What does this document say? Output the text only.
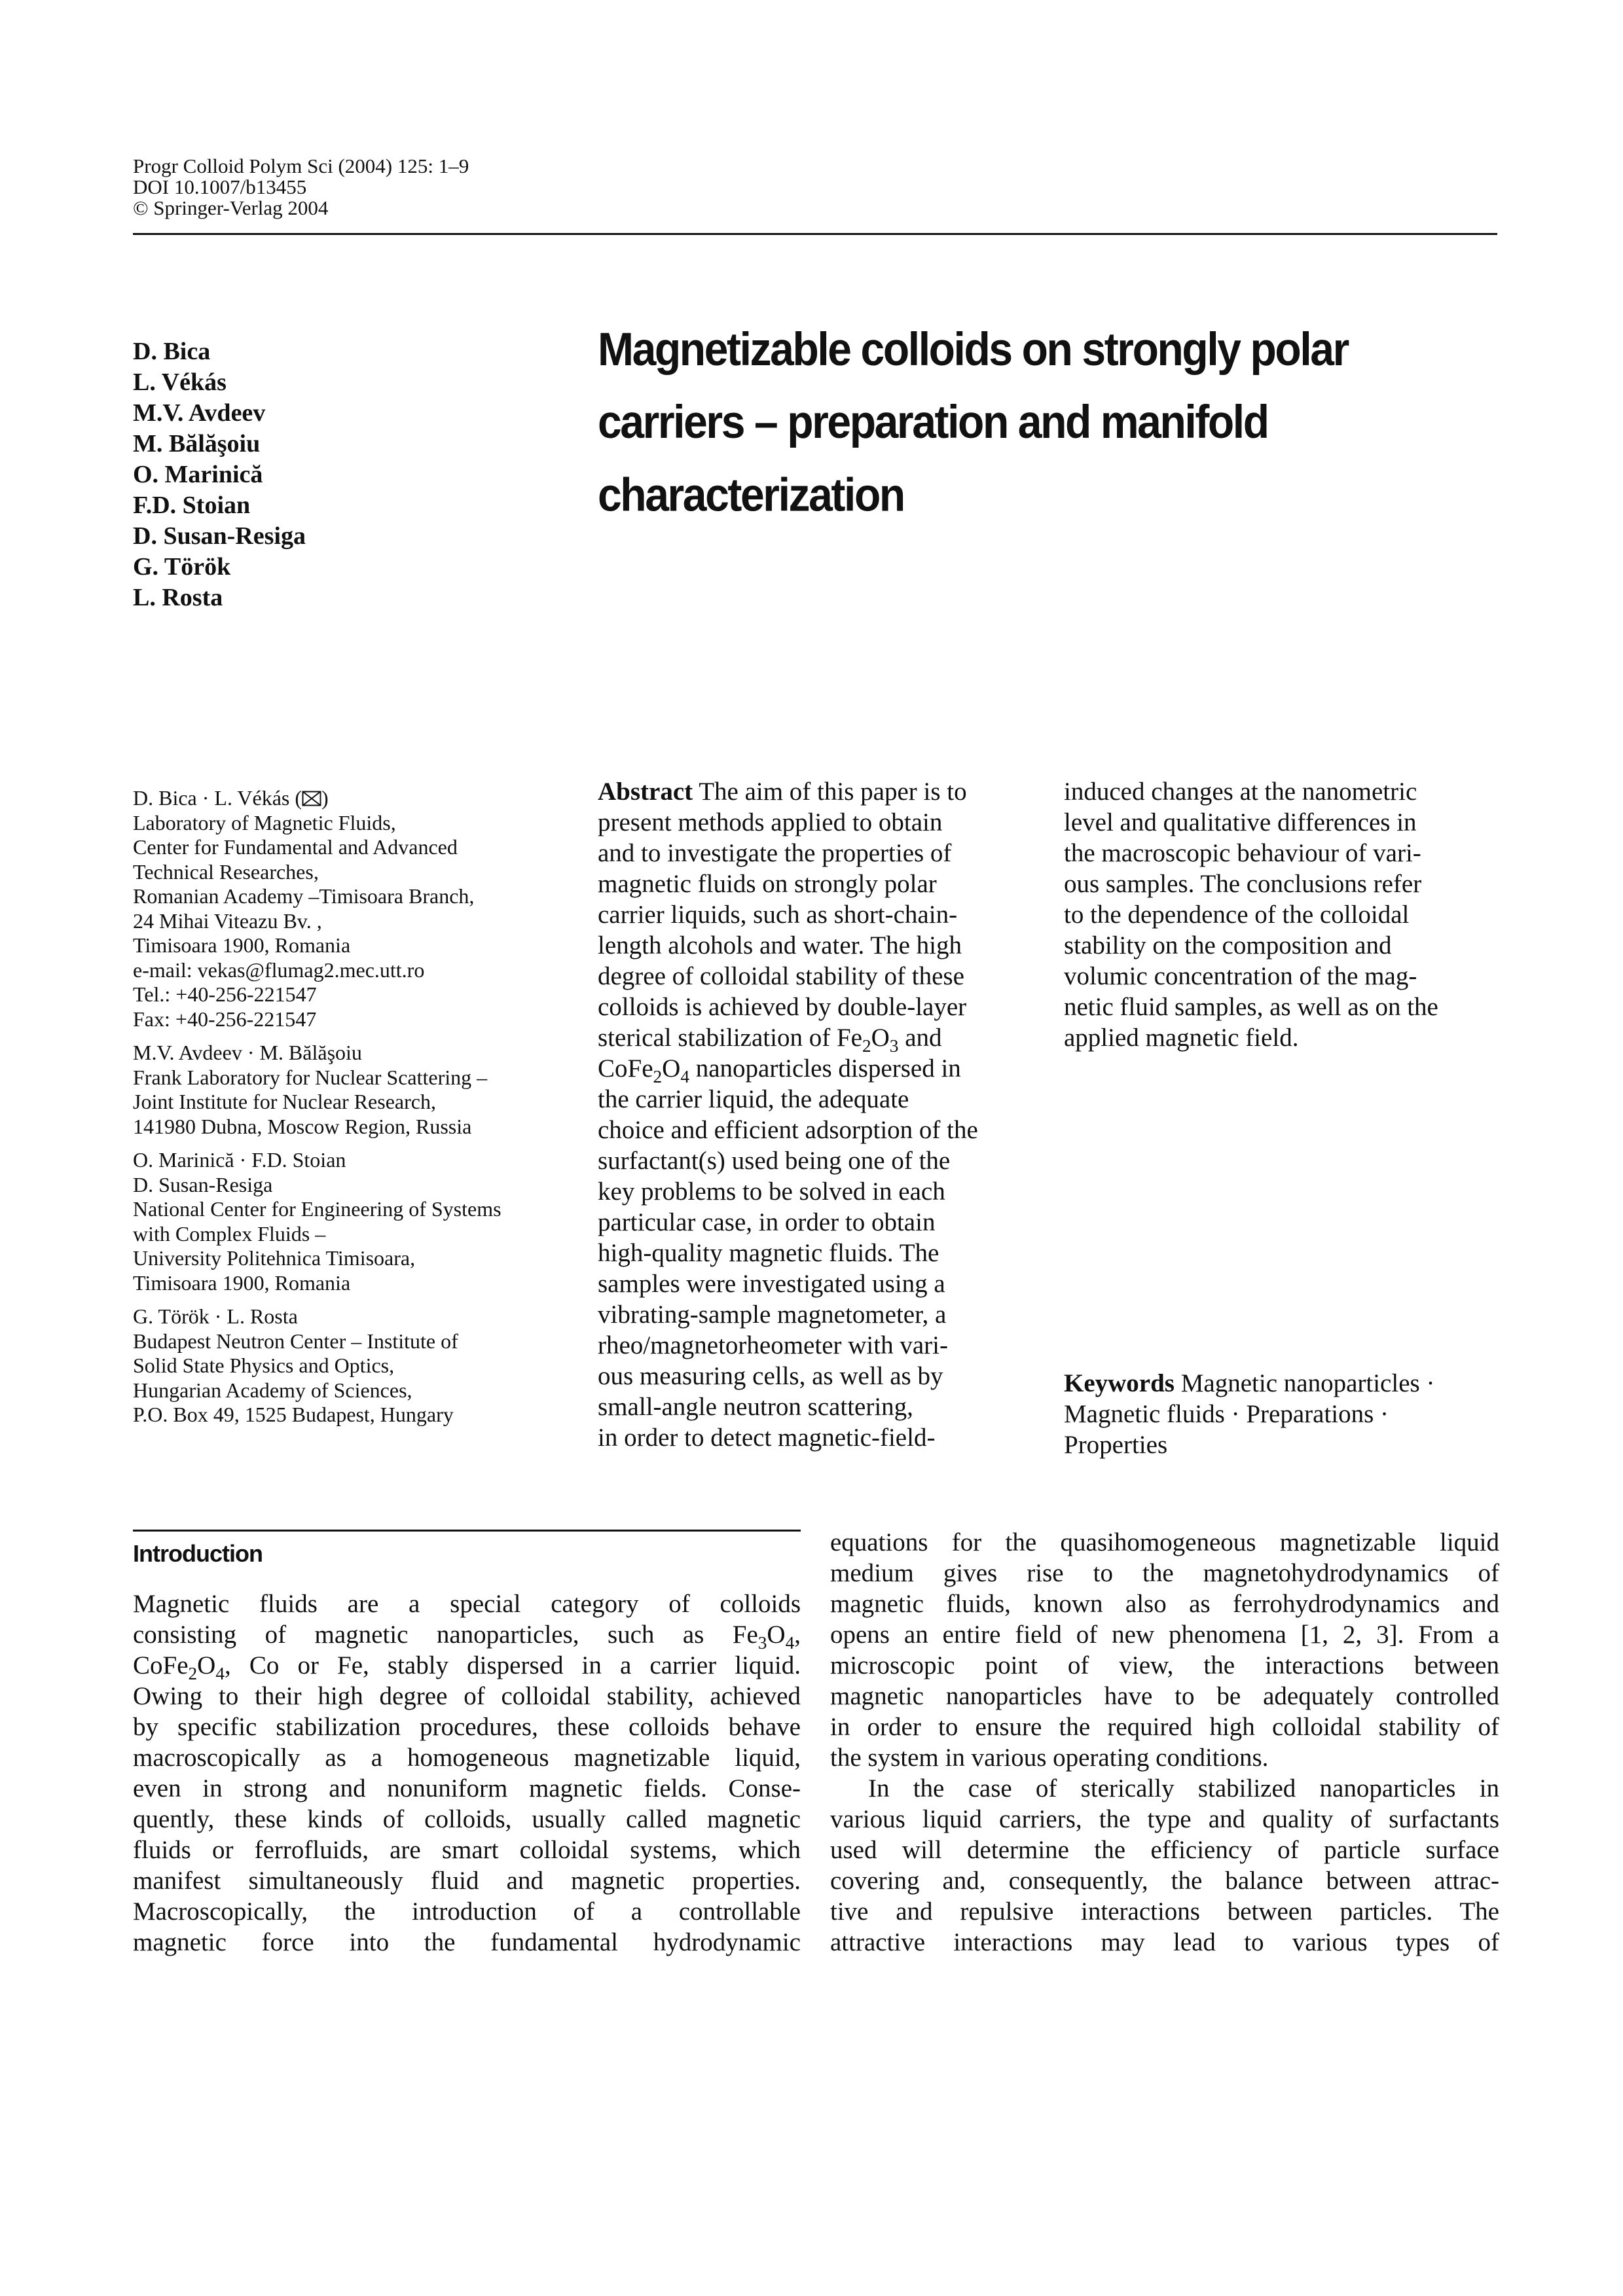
Progr Colloid Polym Sci (2004) 125: 1–9
DOI 10.1007/b13455
© Springer-Verlag 2004
D. Bica
L. Vékás
M.V. Avdeev
M. Bălăşoiu
O. Marinică
F.D. Stoian
D. Susan-Resiga
G. Török
L. Rosta
Magnetizable colloids on strongly polar
carriers – preparation and manifold
characterization
D. Bica · L. Vékás ( )
Laboratory of Magnetic Fluids,
Center for Fundamental and Advanced
Technical Researches,
Romanian Academy –Timisoara Branch,
24 Mihai Viteazu Bv. ,
Timisoara 1900, Romania
e-mail: vekas@flumag2.mec.utt.ro
Tel.: +40-256-221547
Fax: +40-256-221547
M.V. Avdeev · M. Bălăşoiu
Frank Laboratory for Nuclear Scattering –
Joint Institute for Nuclear Research,
141980 Dubna, Moscow Region, Russia
O. Marinică · F.D. Stoian
D. Susan-Resiga
National Center for Engineering of Systems
with Complex Fluids –
University Politehnica Timisoara,
Timisoara 1900, Romania
G. Török · L. Rosta
Budapest Neutron Center – Institute of
Solid State Physics and Optics,
Hungarian Academy of Sciences,
P.O. Box 49, 1525 Budapest, Hungary
Abstract The aim of this paper is to
present methods applied to obtain
and to investigate the properties of
magnetic fluids on strongly polar
carrier liquids, such as short-chain-
length alcohols and water. The high
degree of colloidal stability of these
colloids is achieved by double-layer
sterical stabilization of $Fe_2O_3$ and
$CoFe_2O_4$ nanoparticles dispersed in
the carrier liquid, the adequate
choice and efficient adsorption of the
surfactant(s) used being one of the
key problems to be solved in each
particular case, in order to obtain
high-quality magnetic fluids. The
samples were investigated using a
vibrating-sample magnetometer, a
rheo/magnetorheometer with vari-
ous measuring cells, as well as by
small-angle neutron scattering,
in order to detect magnetic-field-
induced changes at the nanometric
level and qualitative differences in
the macroscopic behaviour of vari-
ous samples. The conclusions refer
to the dependence of the colloidal
stability on the composition and
volumic concentration of the mag-
netic fluid samples, as well as on the
applied magnetic field.
Keywords Magnetic nanoparticles ·
Magnetic fluids · Preparations ·
Properties
Introduction
Magnetic fluids are a special category of colloids
consisting of magnetic nanoparticles, such as $Fe_3O_4$,
$CoFe_2O_4$, Co or Fe, stably dispersed in a carrier liquid.
Owing to their high degree of colloidal stability, achieved
by specific stabilization procedures, these colloids behave
macroscopically as a homogeneous magnetizable liquid,
even in strong and nonuniform magnetic fields. Conse-
quently, these kinds of colloids, usually called magnetic
fluids or ferrofluids, are smart colloidal systems, which
manifest simultaneously fluid and magnetic properties.
Macroscopically, the introduction of a controllable
magnetic force into the fundamental hydrodynamic
equations for the quasihomogeneous magnetizable liquid
medium gives rise to the magnetohydrodynamics of
magnetic fluids, known also as ferrohydrodynamics and
opens an entire field of new phenomena [1, 2, 3]. From a
microscopic point of view, the interactions between
magnetic nanoparticles have to be adequately controlled
in order to ensure the required high colloidal stability of
the system in various operating conditions.
In the case of sterically stabilized nanoparticles in
various liquid carriers, the type and quality of surfactants
used will determine the efficiency of particle surface
covering and, consequently, the balance between attrac-
tive and repulsive interactions between particles. The
attractive interactions may lead to various types of
